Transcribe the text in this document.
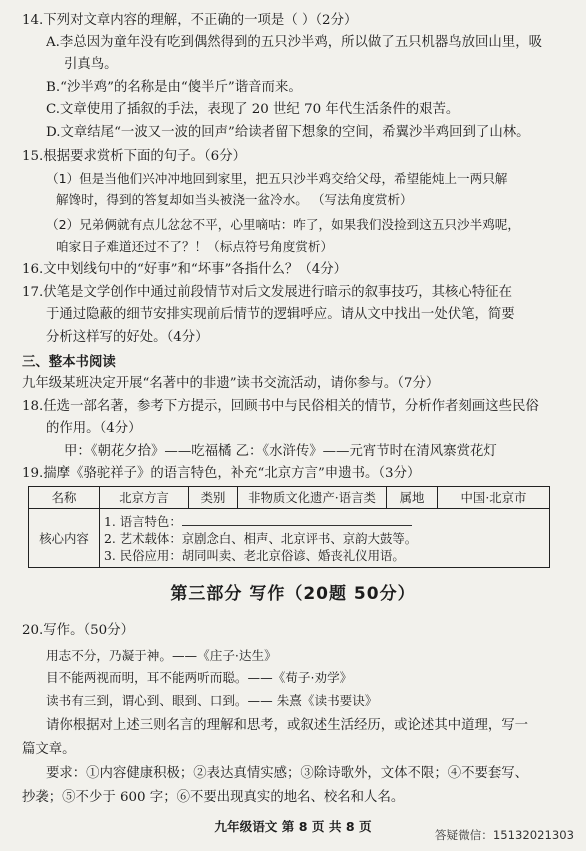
14.下列对文章内容的理解，不正确的一项是（ ）（2分）
A.李总因为童年没有吃到偶然得到的五只沙半鸡，所以做了五只机器鸟放回山里，吸
引真鸟。
B.“沙半鸡”的名称是由“傻半斤”谐音而来。
C.文章使用了插叙的手法，表现了 20 世纪 70 年代生活条件的艰苦。
D.文章结尾“一波又一波的回声”给读者留下想象的空间，希翼沙半鸡回到了山林。
15.根据要求赏析下面的句子。（6分）
（1）但是当他们兴冲冲地回到家里，把五只沙半鸡交给父母，希望能炖上一两只解
解馋时，得到的答复却如当头被浇一盆冷水。 （写法角度赏析）
（2）兄弟俩就有点儿忿忿不平，心里嘀咕：咋了，如果我们没捡到这五只沙半鸡呢，
咱家日子难道还过不了？！（标点符号角度赏析）
16.文中划线句中的“好事”和“坏事”各指什么？（4分）
17.伏笔是文学创作中通过前段情节对后文发展进行暗示的叙事技巧，其核心特征在
于通过隐蔽的细节安排实现前后情节的逻辑呼应。请从文中找出一处伏笔，简要
分析这样写的好处。（4分）
三、整本书阅读
九年级某班决定开展“名著中的非遗”读书交流活动，请你参与。（7分）
18.任选一部名著，参考下方提示，回顾书中与民俗相关的情节，分析作者刻画这些民俗
的作用。（4分）
甲：《朝花夕拾》——吃福橘 乙：《水浒传》——元宵节时在清风寨赏花灯
19.揣摩《骆驼祥子》的语言特色，补充“北京方言”申遗书。（3分）
名称	北京方言	类别	非物质文化遗产·语言类	属地	中国·北京市
核心内容	1. 语言特色：
2. 艺术载体：京剧念白、相声、北京评书、京韵大鼓等。
3. 民俗应用：胡同叫卖、老北京俗谚、婚丧礼仪用语。				
第三部分 写作（20题 50分）
20.写作。（50分）
用志不分，乃凝于神。——《庄子·达生》
目不能两视而明，耳不能两听而聪。——《荀子·劝学》
读书有三到，谓心到、眼到、口到。—— 朱熹《读书要诀》
请你根据对上述三则名言的理解和思考，或叙述生活经历，或论述其中道理，写一
篇文章。
要求：①内容健康积极；②表达真情实感；③除诗歌外，文体不限；④不要套写、
抄袭；⑤不少于 600 字；⑥不要出现真实的地名、校名和人名。
九年级语文 第 8 页 共 8 页
答疑微信：15132021303
